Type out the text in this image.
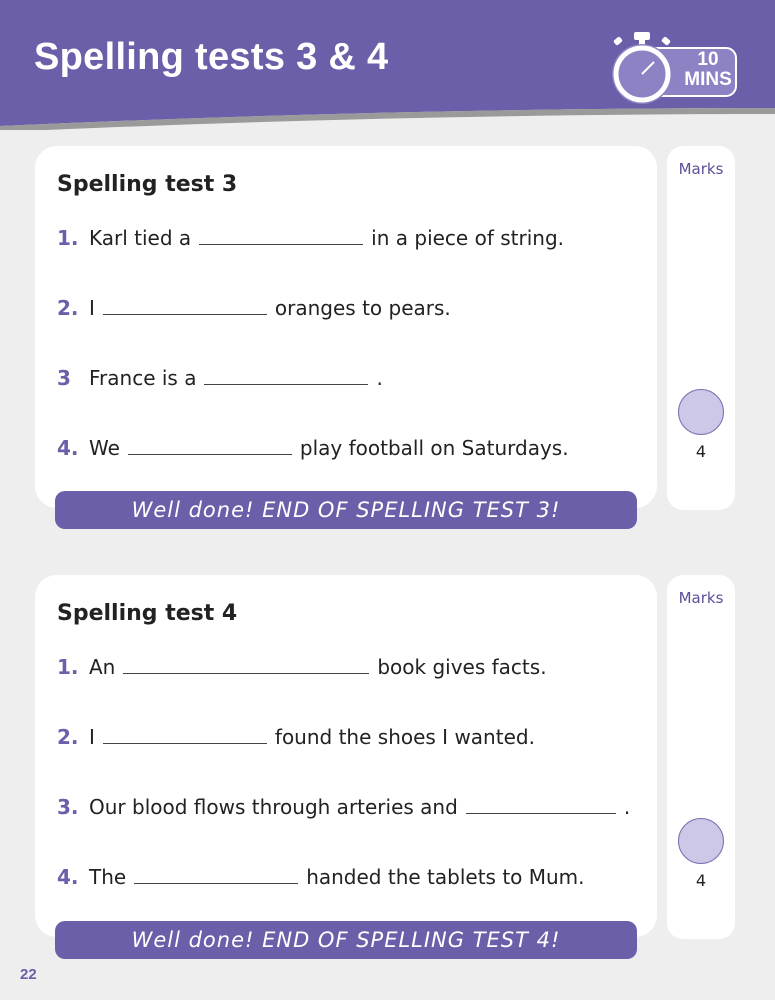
Spelling tests 3 & 4	10
MINS
Spelling test 3
1. Karl tied a	in a piece of string.
2. I	oranges to pears.
3 France is a	.
4. We	play football on Saturdays.
Well done! END OF SPELLING TEST 3!
Marks
4
Spelling test 4
1. An	book gives facts.
2. I	found the shoes I wanted.
3. Our blood flows through arteries and	.
4. The	handed the tablets to Mum.
Well done! END OF SPELLING TEST 4!
Marks
4
22
